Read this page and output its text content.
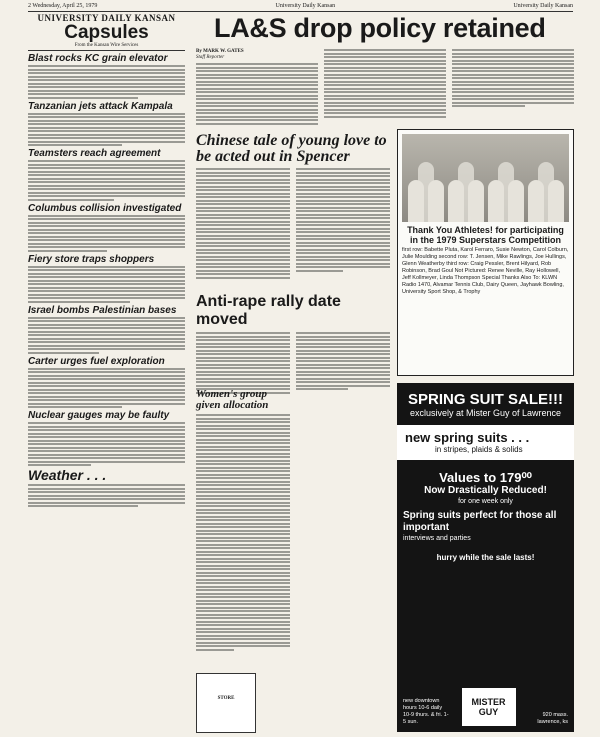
2 Wednesday, April 25, 1979	University Daily Kansan	University Daily Kansan
UNIVERSITY DAILY KANSAN
Capsules
From the Kansan Wire Services
Blast rocks KC grain elevator
Tanzanian jets attack Kampala
Teamsters reach agreement
Columbus collision investigated
Fiery store traps shoppers
Israel bombs Palestinian bases
Carter urges fuel exploration
Nuclear gauges may be faulty
Weather . . .
LA&S drop policy retained
By MARK W. GATES
Staff Reporter
Chinese tale of young love to be acted out in Spencer
Anti-rape rally date moved
Women's group given allocation
STORE
Thank You Athletes! for participating in the 1979 Superstars Competition
first row: Babette Pluta, Karol Ferraro, Susie Newton, Carol Colburn, Julie Moulding second row: T. Jensen, Mike Rawlings, Joe Hullings, Glenn Weatherby third row: Craig Pessler, Brent Hilyard, Rob Robinson, Brad Goul Not Pictured: Renee Neville, Ray Hollowell, Jeff Kollmeyer, Linda Thompson Special Thanks Also To: KLWN Radio 1470, Alvamar Tennis Club, Dairy Queen, Jayhawk Bowling, University Sport Shop, & Trophy
SPRING SUIT SALE!!!
exclusively at Mister Guy of Lawrence
new spring suits . . .
in stripes, plaids & solids
Values to 179⁰⁰
Now Drastically Reduced!
for one week only
Spring suits perfect for those all important
interviews and parties
hurry while the sale lasts!
new downtown hours 10-6 daily 10-9 thurs. & fri. 1-5 sun.
MISTER
GUY	920 mass. lawrence, ks
